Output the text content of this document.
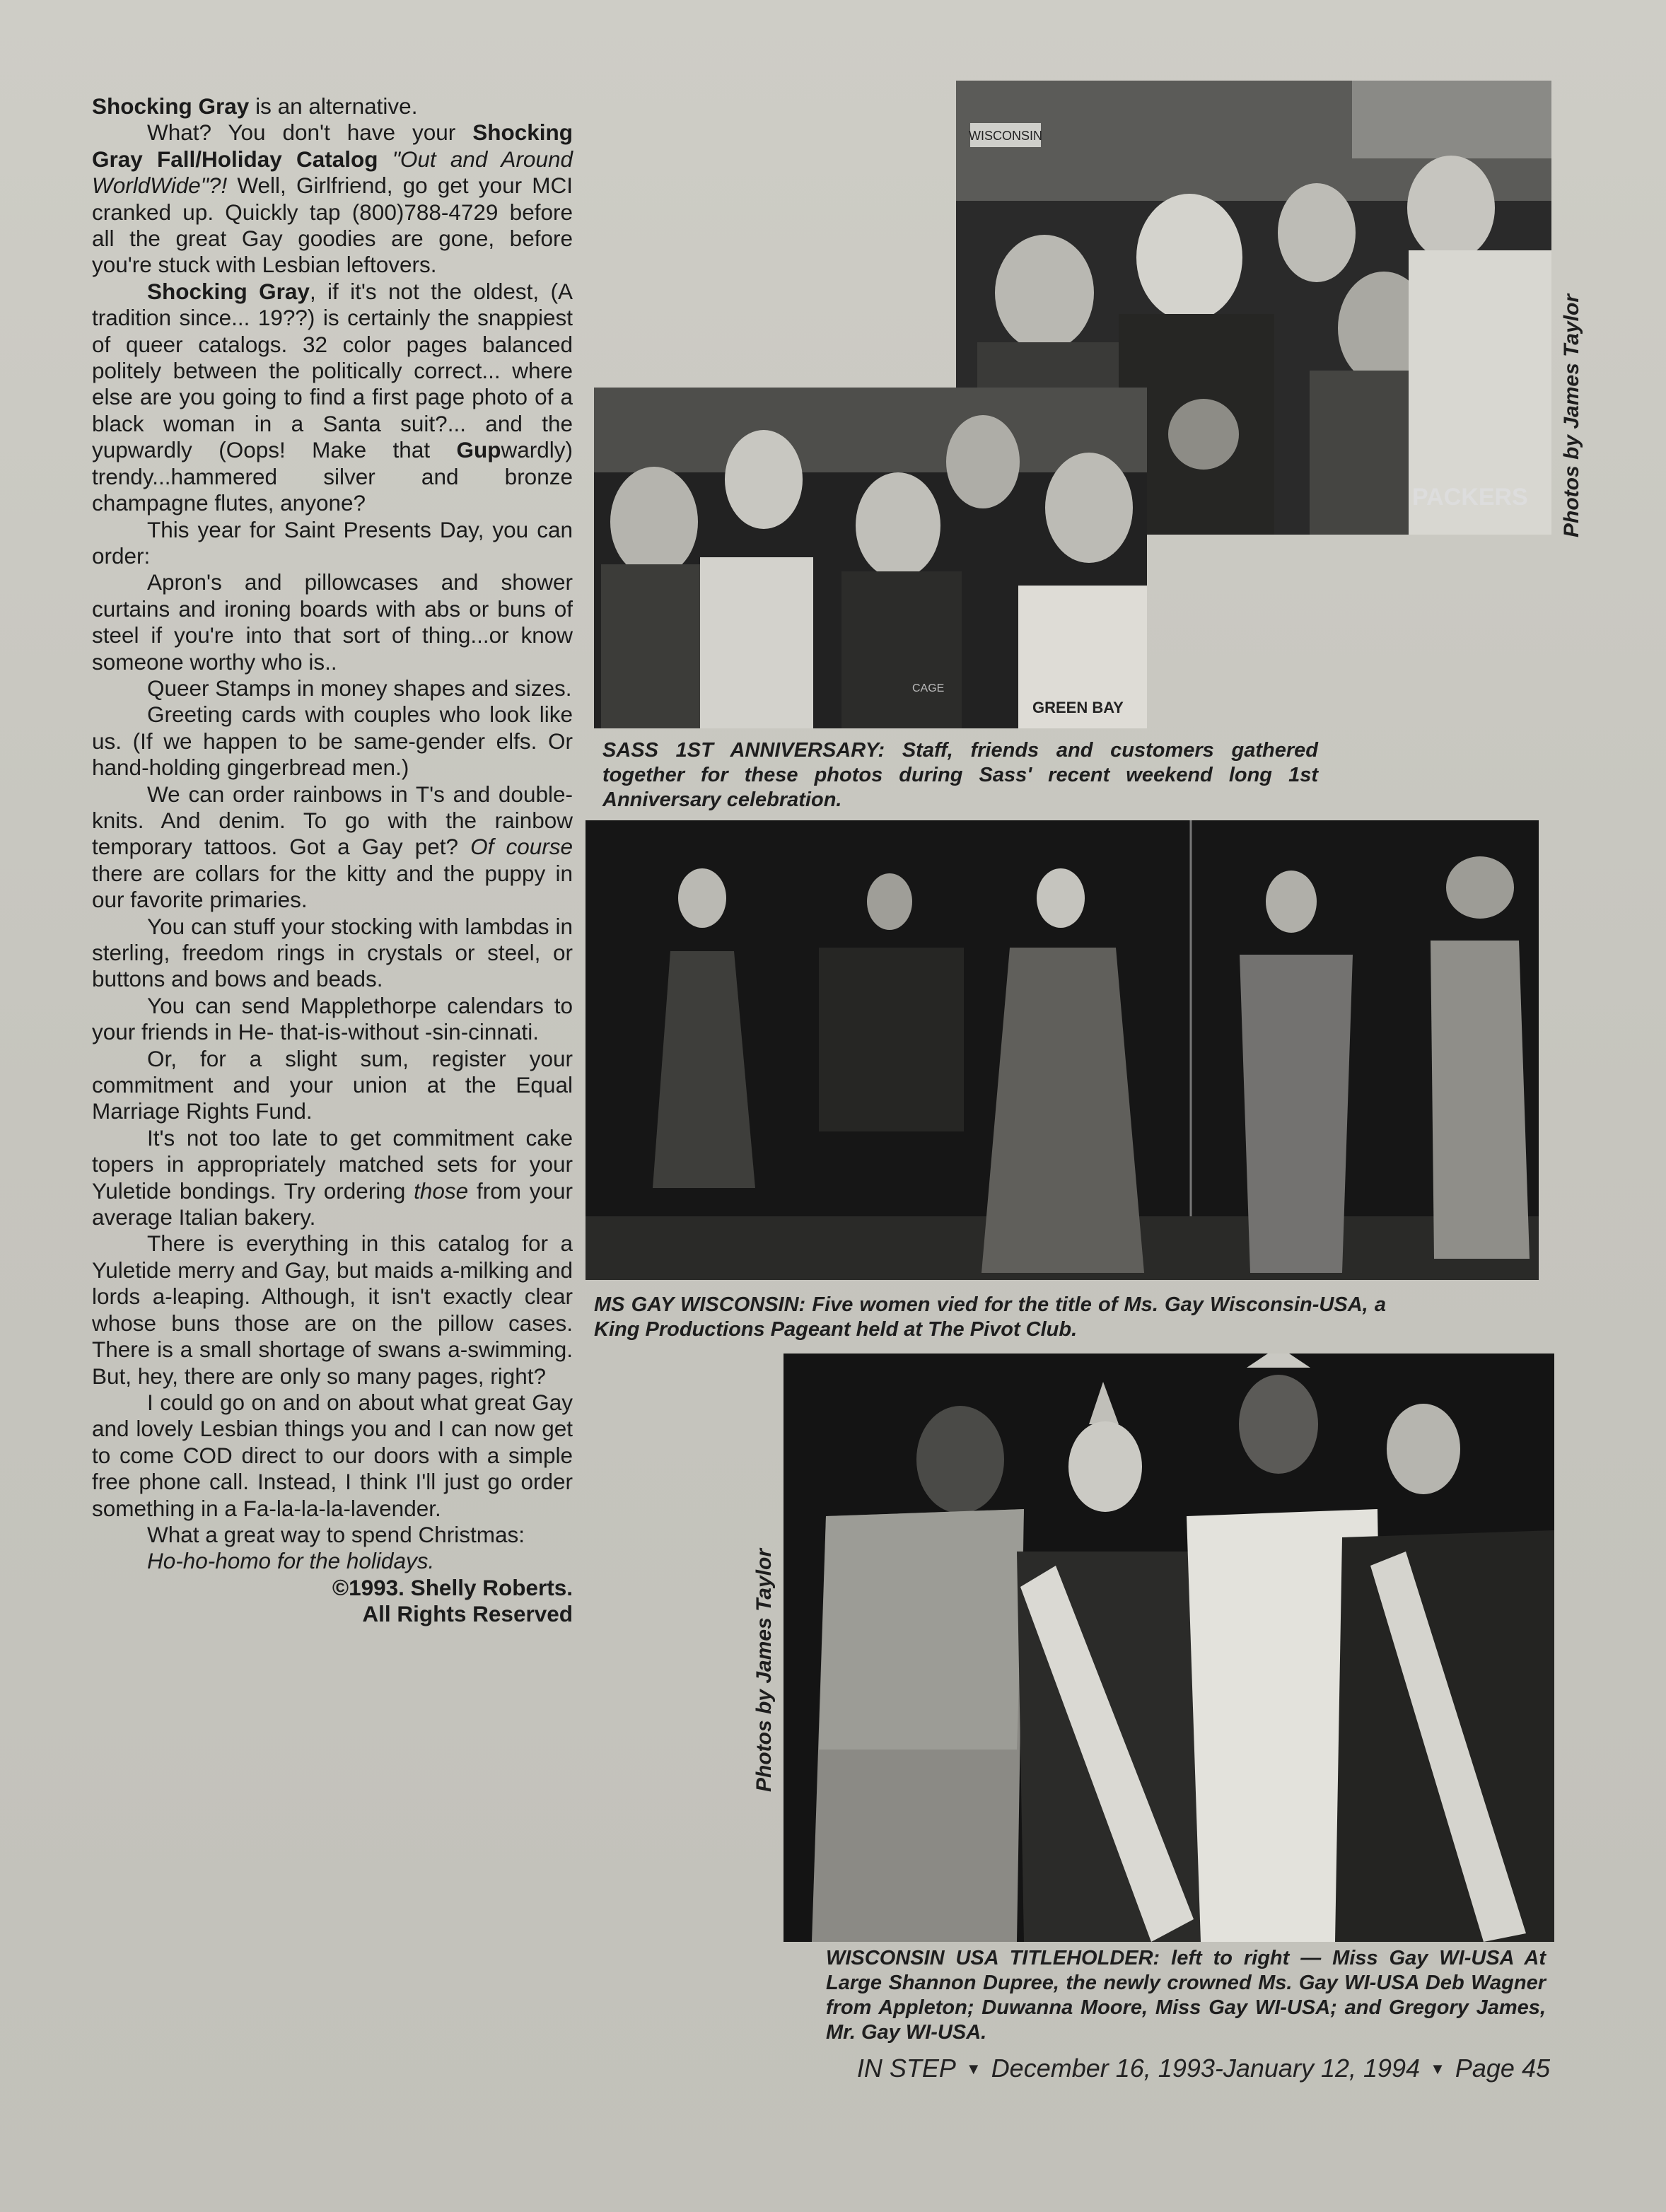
Shocking Gray is an alternative.

What? You don't have your Shocking Gray Fall/Holiday Catalog "Out and Around WorldWide"?! Well, Girlfriend, go get your MCI cranked up. Quickly tap (800)788-4729 before all the great Gay goodies are gone, before you're stuck with Lesbian leftovers.

Shocking Gray, if it's not the oldest, (A tradition since... 19??) is certainly the snappiest of queer catalogs. 32 color pages balanced politely between the politically correct... where else are you going to find a first page photo of a black woman in a Santa suit?... and the yupwardly (Oops! Make that Gupwardly) trendy...hammered silver and bronze champagne flutes, anyone?

This year for Saint Presents Day, you can order:

Apron's and pillowcases and shower curtains and ironing boards with abs or buns of steel if you're into that sort of thing...or know someone worthy who is..

Queer Stamps in money shapes and sizes.

Greeting cards with couples who look like us. (If we happen to be same-gender elfs. Or hand-holding gingerbread men.)

We can order rainbows in T's and double-knits. And denim. To go with the rainbow temporary tattoos. Got a Gay pet? Of course there are collars for the kitty and the puppy in our favorite primaries.

You can stuff your stocking with lambdas in sterling, freedom rings in crystals or steel, or buttons and bows and beads.

You can send Mapplethorpe calendars to your friends in He- that-is-without -sin-cinnati.

Or, for a slight sum, register your commitment and your union at the Equal Marriage Rights Fund.

It's not too late to get commitment cake topers in appropriately matched sets for your Yuletide bondings. Try ordering those from your average Italian bakery.

There is everything in this catalog for a Yuletide merry and Gay, but maids a-milking and lords a-leaping. Although, it isn't exactly clear whose buns those are on the pillow cases. There is a small shortage of swans a-swimming. But, hey, there are only so many pages, right?

I could go on and on about what great Gay and lovely Lesbian things you and I can now get to come COD direct to our doors with a simple free phone call. Instead, I think I'll just go order something in a Fa-la-la-la-lavender.

What a great way to spend Christmas:

Ho-ho-homo for the holidays.

©1993. Shelly Roberts.

All Rights Reserved

WISCONSIN
PACKERS
GREEN BAY
CAGE
Photos by James Taylor
SASS 1ST ANNIVERSARY: Staff, friends and customers gathered together for these photos during Sass' recent weekend long 1st Anniversary celebration.
MS GAY WISCONSIN: Five women vied for the title of Ms. Gay Wisconsin-USA, a King Productions Pageant held at The Pivot Club.
Photos by James Taylor
WISCONSIN USA TITLEHOLDER: left to right — Miss Gay WI-USA At Large Shannon Dupree, the newly crowned Ms. Gay WI-USA Deb Wagner from Appleton; Duwanna Moore, Miss Gay WI-USA; and Gregory James, Mr. Gay WI-USA.
IN STEP ▼ December 16, 1993-January 12, 1994 ▼ Page 45
